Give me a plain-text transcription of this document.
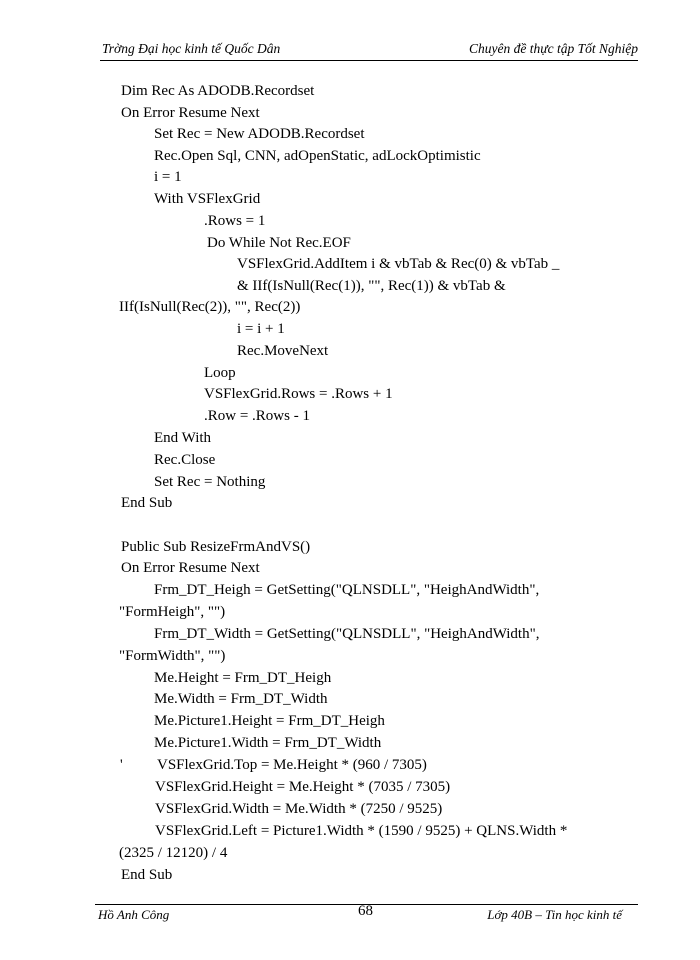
Trờng Đại học kinh tế Quốc Dân	Chuyên đề thực tập Tốt Nghiệp
Dim Rec As ADODB.Recordset
On Error Resume Next
Set Rec = New ADODB.Recordset
Rec.Open Sql, CNN, adOpenStatic, adLockOptimistic
i = 1
With VSFlexGrid
.Rows = 1
Do While Not Rec.EOF
VSFlexGrid.AddItem i & vbTab & Rec(0) & vbTab _
& IIf(IsNull(Rec(1)), "", Rec(1)) & vbTab &
IIf(IsNull(Rec(2)), "", Rec(2))
i = i + 1
Rec.MoveNext
Loop
VSFlexGrid.Rows = .Rows + 1
.Row = .Rows - 1
End With
Rec.Close
Set Rec = Nothing
End Sub
Public Sub ResizeFrmAndVS()
On Error Resume Next
Frm_DT_Heigh = GetSetting("QLNSDLL", "HeighAndWidth",
"FormHeigh", "")
Frm_DT_Width = GetSetting("QLNSDLL", "HeighAndWidth",
"FormWidth", "")
Me.Height = Frm_DT_Heigh
Me.Width = Frm_DT_Width
Me.Picture1.Height = Frm_DT_Heigh
Me.Picture1.Width = Frm_DT_Width
' VSFlexGrid.Top = Me.Height * (960 / 7305)
VSFlexGrid.Height = Me.Height * (7035 / 7305)
VSFlexGrid.Width = Me.Width * (7250 / 9525)
VSFlexGrid.Left = Picture1.Width * (1590 / 9525) + QLNS.Width *
(2325 / 12120) / 4
End Sub
Hồ Anh Công	68	Lớp 40B – Tin học kinh tế
